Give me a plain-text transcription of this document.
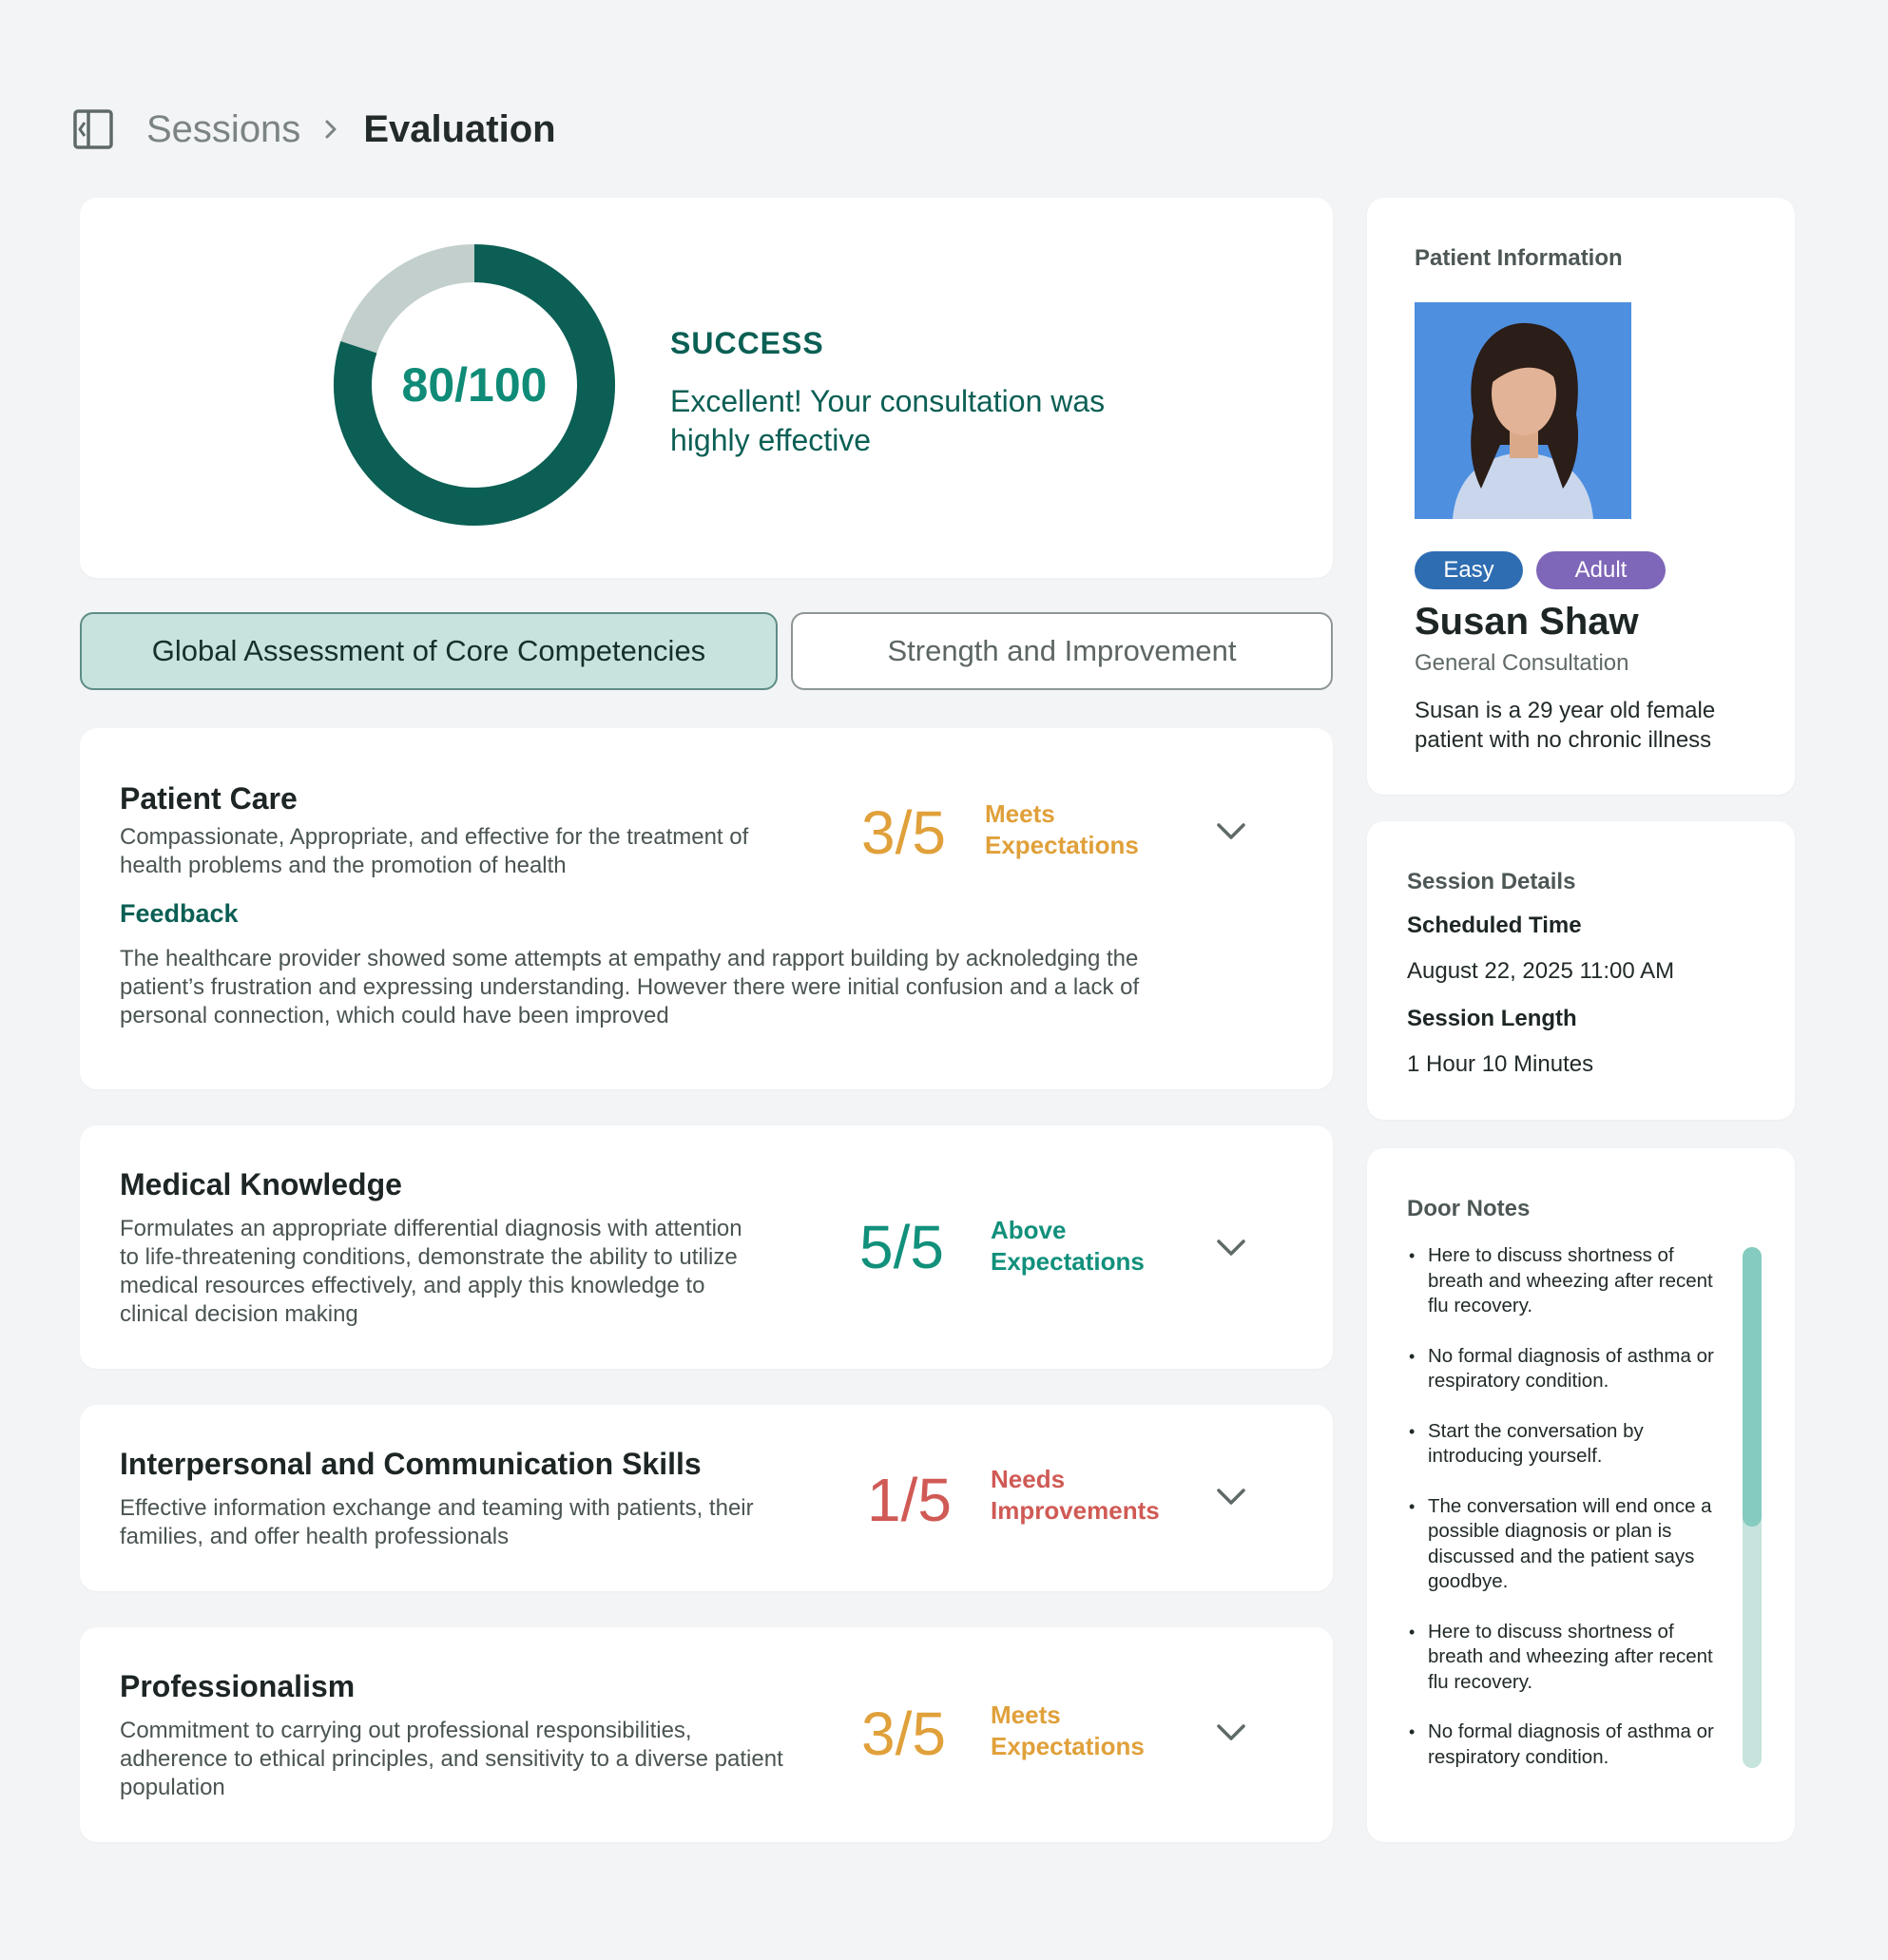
Sessions Evaluation
80/100
SUCCESS
Excellent! Your consultation was highly effective
Global Assessment of Core Competencies	Strength and Improvement
Patient Care
Compassionate, Appropriate, and effective for the treatment of health problems and the promotion of health	3/5 Meets Expectations
Feedback
The healthcare provider showed some attempts at empathy and rapport building by acknoledging the patient’s frustration and expressing understanding. However there were initial confusion and a lack of personal connection, which could have been improved
Medical Knowledge
Formulates an appropriate differential diagnosis with attention to life-threatening conditions, demonstrate the ability to utilize medical resources effectively, and apply this knowledge to clinical decision making
5/5 Above Expectations
Interpersonal and Communication Skills
Effective information exchange and teaming with patients, their families, and offer health professionals
1/5 Needs Improvements
Professionalism
Commitment to carrying out professional responsibilities, adherence to ethical principles, and sensitivity to a diverse patient population
3/5 Meets Expectations
Patient Information
Easy	Adult
Susan Shaw
General Consultation
Susan is a 29 year old female patient with no chronic illness
Session Details
Scheduled Time
August 22, 2025 11:00 AM
Session Length
1 Hour 10 Minutes
Door Notes
• Here to discuss shortness of breath and wheezing after recent flu recovery.
• No formal diagnosis of asthma or respiratory condition.
• Start the conversation by introducing yourself.
• The conversation will end once a possible diagnosis or plan is discussed and the patient says goodbye.
• Here to discuss shortness of breath and wheezing after recent flu recovery.
• No formal diagnosis of asthma or respiratory condition.
